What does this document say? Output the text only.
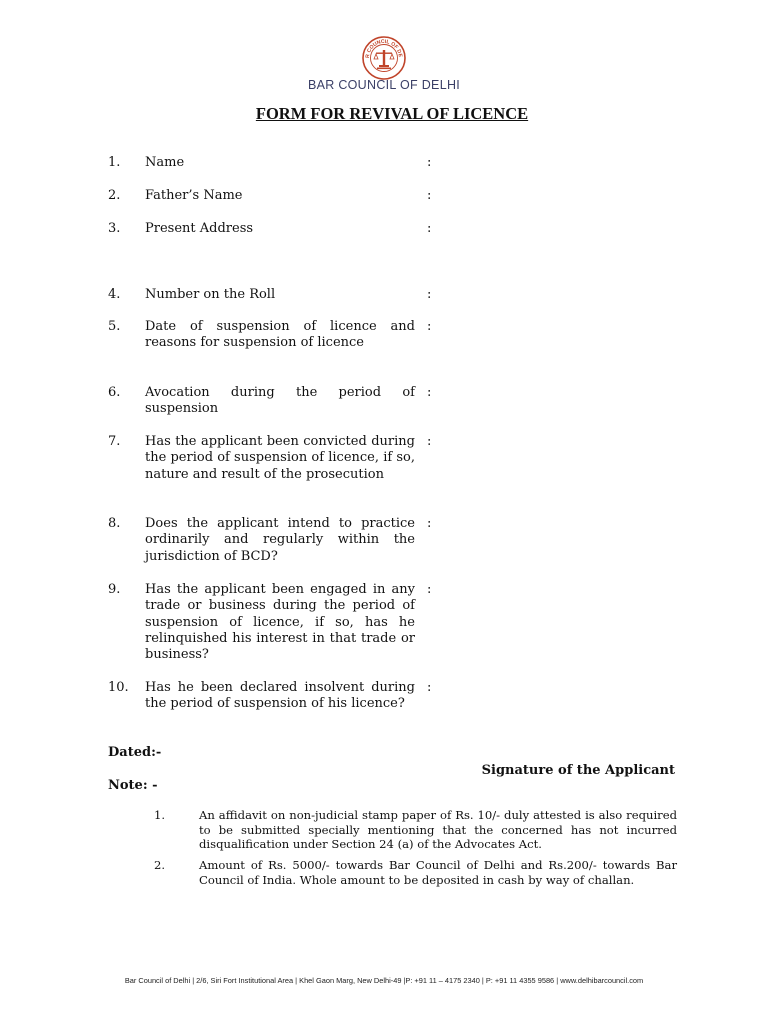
R COUNCIL OF DE
BAR COUNCIL OF DELHI
FORM FOR REVIVAL OF LICENCE
1. Name	:
2. Father’s Name	:
3. Present Address	:
4. Number on the Roll	:
5. Date of suspension of licence and reasons for suspension of licence
:
6. Avocation during the period of suspension
:
7. Has the applicant been convicted during the period of suspension of licence, if so, nature and result of the prosecution
:
8. Does the applicant intend to practice ordinarily and regularly within the jurisdiction of BCD?
:
9. Has the applicant been engaged in any trade or business during the period of suspension of licence, if so, has he relinquished his interest in that trade or business?
:
10. Has he been declared insolvent during the period of suspension of his licence?
:
Dated:-
Signature of the Applicant
Note: -
1.	An affidavit on non-judicial stamp paper of Rs. 10/- duly attested is also required to be submitted specially mentioning that the concerned has not incurred disqualification under Section 24 (a) of the Advocates Act.
2.	Amount of Rs. 5000/- towards Bar Council of Delhi and Rs.200/- towards Bar Council of India. Whole amount to be deposited in cash by way of challan.
Bar Council of Delhi | 2/6, Siri Fort Institutional Area | Khel Gaon Marg, New Delhi-49 |P: +91 11 – 4175 2340 | P: +91 11 4355 9586 | www.delhibarcouncil.com
